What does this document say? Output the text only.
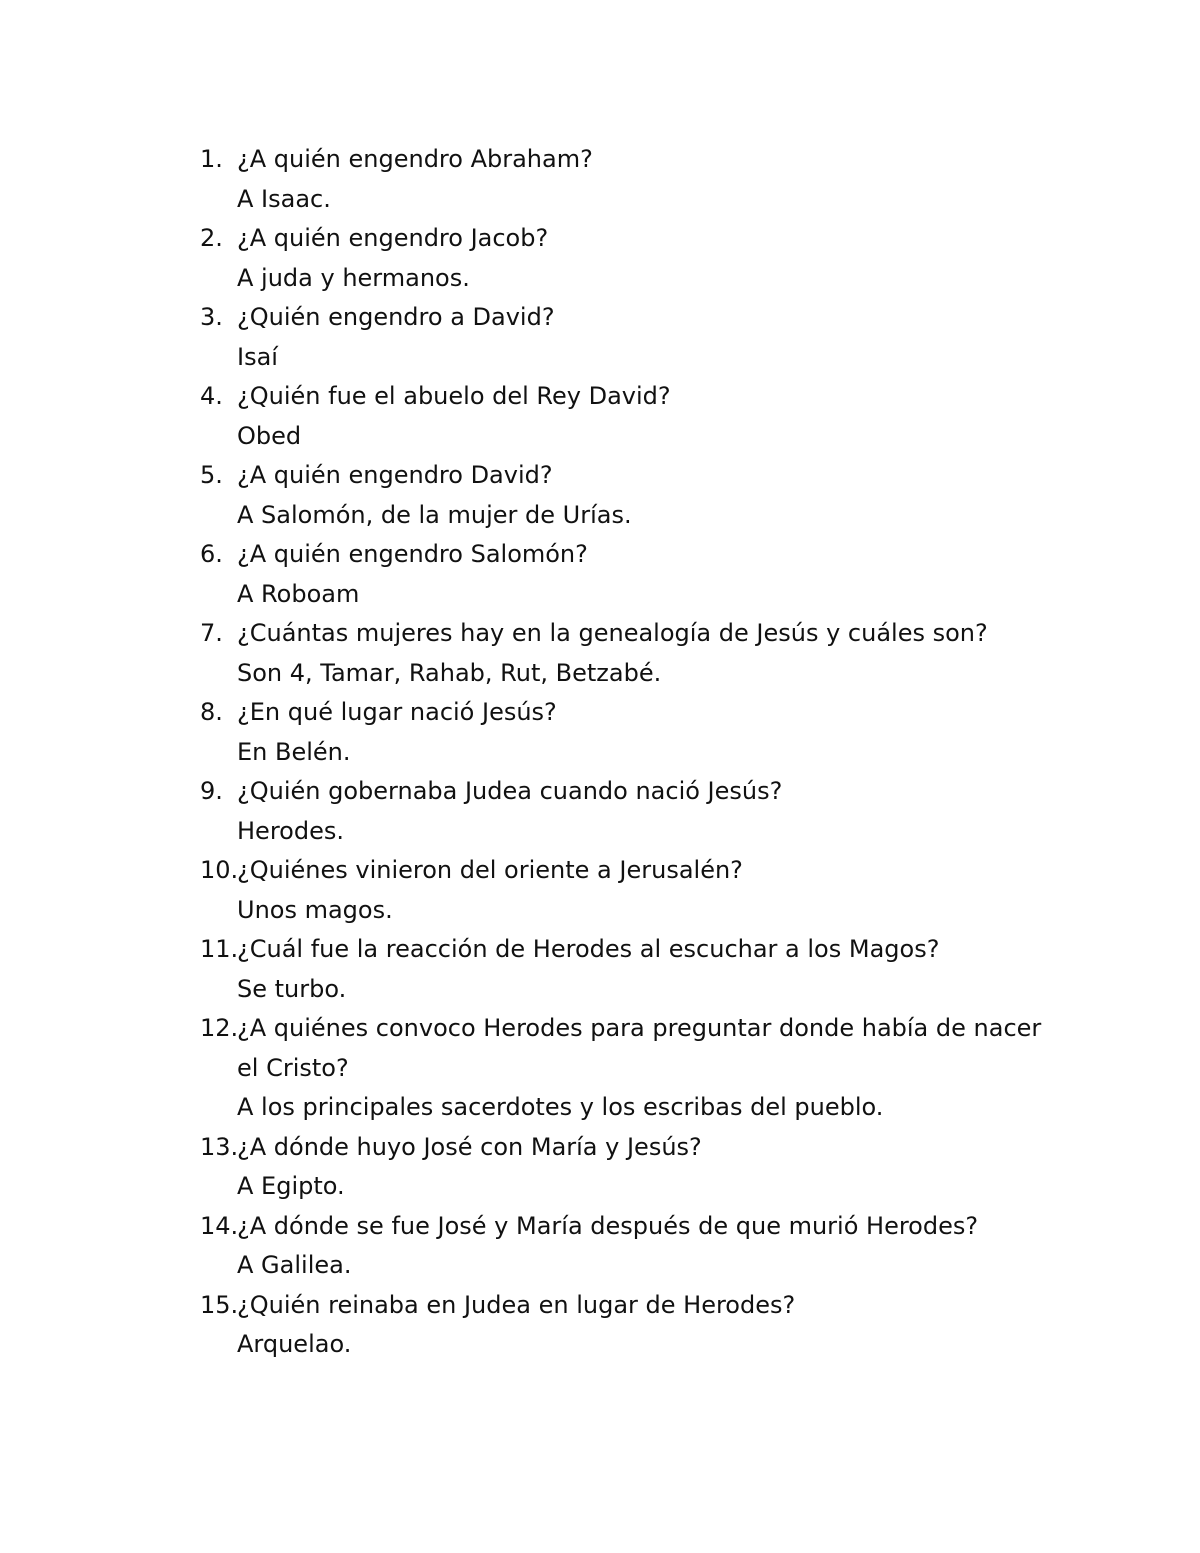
1. ¿A quién engendro Abraham?
A Isaac.
2. ¿A quién engendro Jacob?
A juda y hermanos.
3. ¿Quién engendro a David?
Isaí
4. ¿Quién fue el abuelo del Rey David?
Obed
5. ¿A quién engendro David?
A Salomón, de la mujer de Urías.
6. ¿A quién engendro Salomón?
A Roboam
7. ¿Cuántas mujeres hay en la genealogía de Jesús y cuáles son?
Son 4, Tamar, Rahab, Rut, Betzabé.
8. ¿En qué lugar nació Jesús?
En Belén.
9. ¿Quién gobernaba Judea cuando nació Jesús?
Herodes.
10.
¿Quiénes vinieron del oriente a Jerusalén?
Unos magos.
11.
¿Cuál fue la reacción de Herodes al escuchar a los Magos?
Se turbo.
12.
¿A quiénes convoco Herodes para preguntar donde había de nacer el Cristo?
A los principales sacerdotes y los escribas del pueblo.
13.
¿A dónde huyo José con María y Jesús?
A Egipto.
14.
¿A dónde se fue José y María después de que murió Herodes?
A Galilea.
15.
¿Quién reinaba en Judea en lugar de Herodes?
Arquelao.
